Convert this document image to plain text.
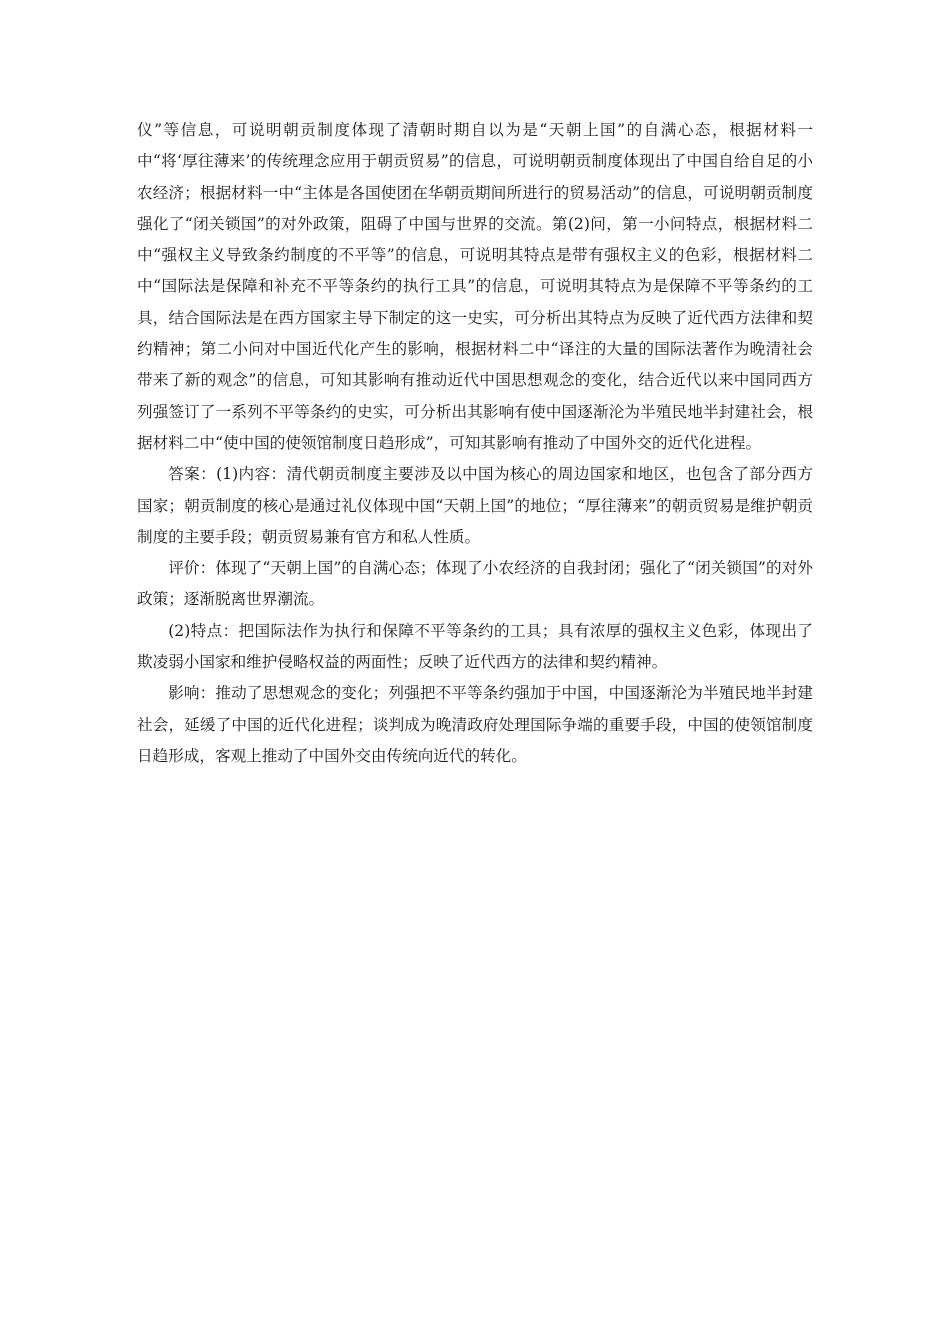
仪”等信息，可说明朝贡制度体现了清朝时期自以为是“天朝上国”的自满心态，根据材料一中“将‘厚往薄来’的传统理念应用于朝贡贸易”的信息，可说明朝贡制度体现出了中国自给自足的小农经济；根据材料一中“主体是各国使团在华朝贡期间所进行的贸易活动”的信息，可说明朝贡制度强化了“闭关锁国”的对外政策，阻碍了中国与世界的交流。第(2)问，第一小问特点，根据材料二中“强权主义导致条约制度的不平等”的信息，可说明其特点是带有强权主义的色彩，根据材料二中“国际法是保障和补充不平等条约的执行工具”的信息，可说明其特点为是保障不平等条约的工具，结合国际法是在西方国家主导下制定的这一史实，可分析出其特点为反映了近代西方法律和契约精神；第二小问对中国近代化产生的影响，根据材料二中“译注的大量的国际法著作为晚清社会带来了新的观念”的信息，可知其影响有推动近代中国思想观念的变化，结合近代以来中国同西方列强签订了一系列不平等条约的史实，可分析出其影响有使中国逐渐沦为半殖民地半封建社会，根据材料二中“使中国的使领馆制度日趋形成”，可知其影响有推动了中国外交的近代化进程。

答案：(1)内容：清代朝贡制度主要涉及以中国为核心的周边国家和地区，也包含了部分西方国家；朝贡制度的核心是通过礼仪体现中国“天朝上国”的地位；“厚往薄来”的朝贡贸易是维护朝贡制度的主要手段；朝贡贸易兼有官方和私人性质。

评价：体现了“天朝上国”的自满心态；体现了小农经济的自我封闭；强化了“闭关锁国”的对外政策；逐渐脱离世界潮流。

(2)特点：把国际法作为执行和保障不平等条约的工具；具有浓厚的强权主义色彩，体现出了欺凌弱小国家和维护侵略权益的两面性；反映了近代西方的法律和契约精神。

影响：推动了思想观念的变化；列强把不平等条约强加于中国，中国逐渐沦为半殖民地半封建社会，延缓了中国的近代化进程；谈判成为晚清政府处理国际争端的重要手段，中国的使领馆制度日趋形成，客观上推动了中国外交由传统向近代的转化。
